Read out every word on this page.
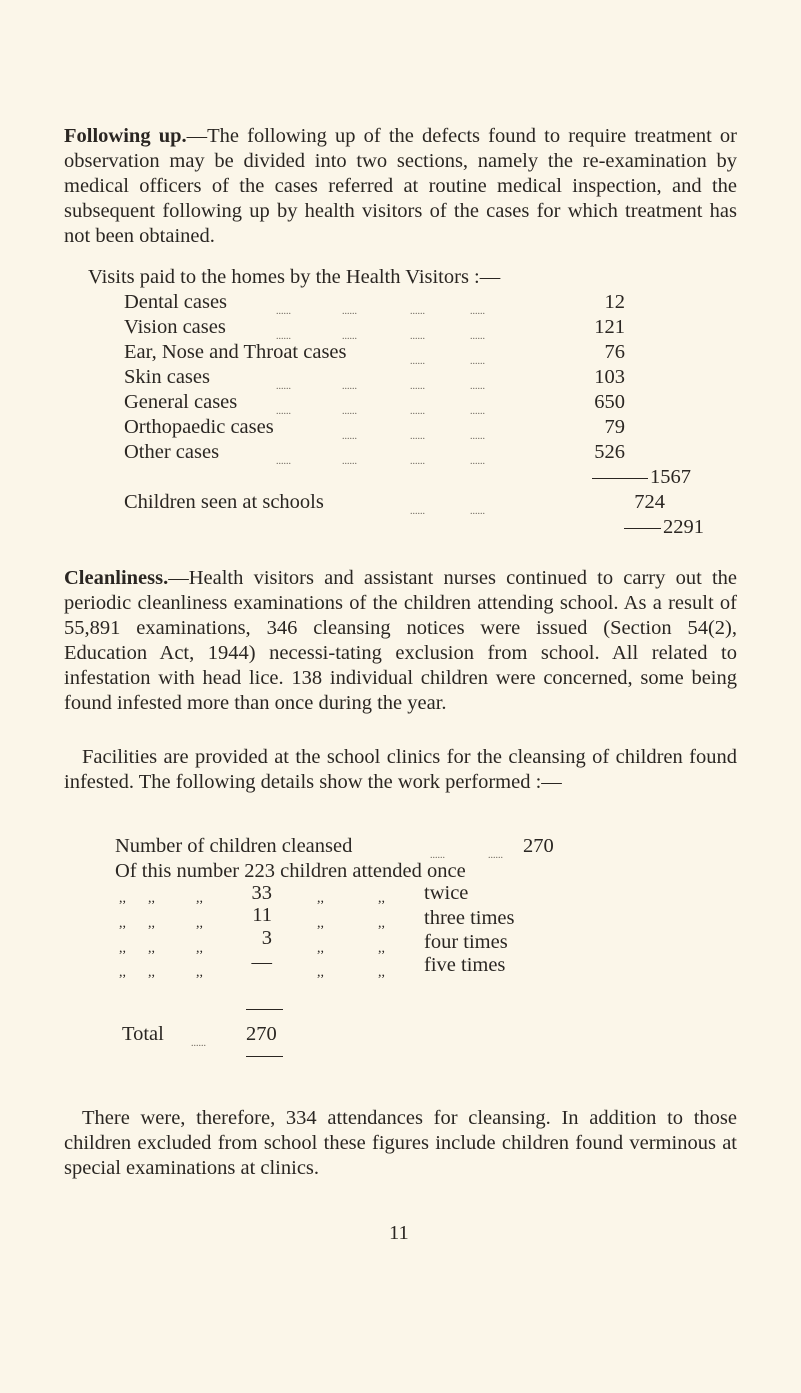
Following up.—The following up of the defects found to require treatment or observation may be divided into two sections, namely the re-examination by medical officers of the cases referred at routine medical inspection, and the subsequent following up by health visitors of the cases for which treatment has not been obtained.
Visits paid to the homes by the Health Visitors :—
Dental cases	......	......	......	......	12
Vision cases	......	......	......	......	121
Ear, Nose and Throat cases	......	......	76
Skin cases	......	......	......	......	103
General cases	......	......	......	......	650
Orthopaedic cases	......	......	......	79
Other cases	......	......	......	......	526
1567
Children seen at schools	......	......	724
2291
Cleanliness.—Health visitors and assistant nurses continued to carry out the periodic cleanliness examinations of the children attending school. As a result of 55,891 examinations, 346 cleansing notices were issued (Section 54(2), Education Act, 1944) necessi-tating exclusion from school. All related to infestation with head lice. 138 individual children were concerned, some being found infested more than once during the year.
Facilities are provided at the school clinics for the cleansing of children found infested. The following details show the work performed :—
Number of children cleansed	......	...... 270
Of this number 223 children attended once
,, ,,	,,	33	,,	,, twice
,, ,,	,,	11	,,	,, three times
,, ,,	,,	3	,,	,, four times
,, ,,	,,	—	,,	,, five times
Total	...... 270
There were, therefore, 334 attendances for cleansing. In addition to those children excluded from school these figures include children found verminous at special examinations at clinics.
11
